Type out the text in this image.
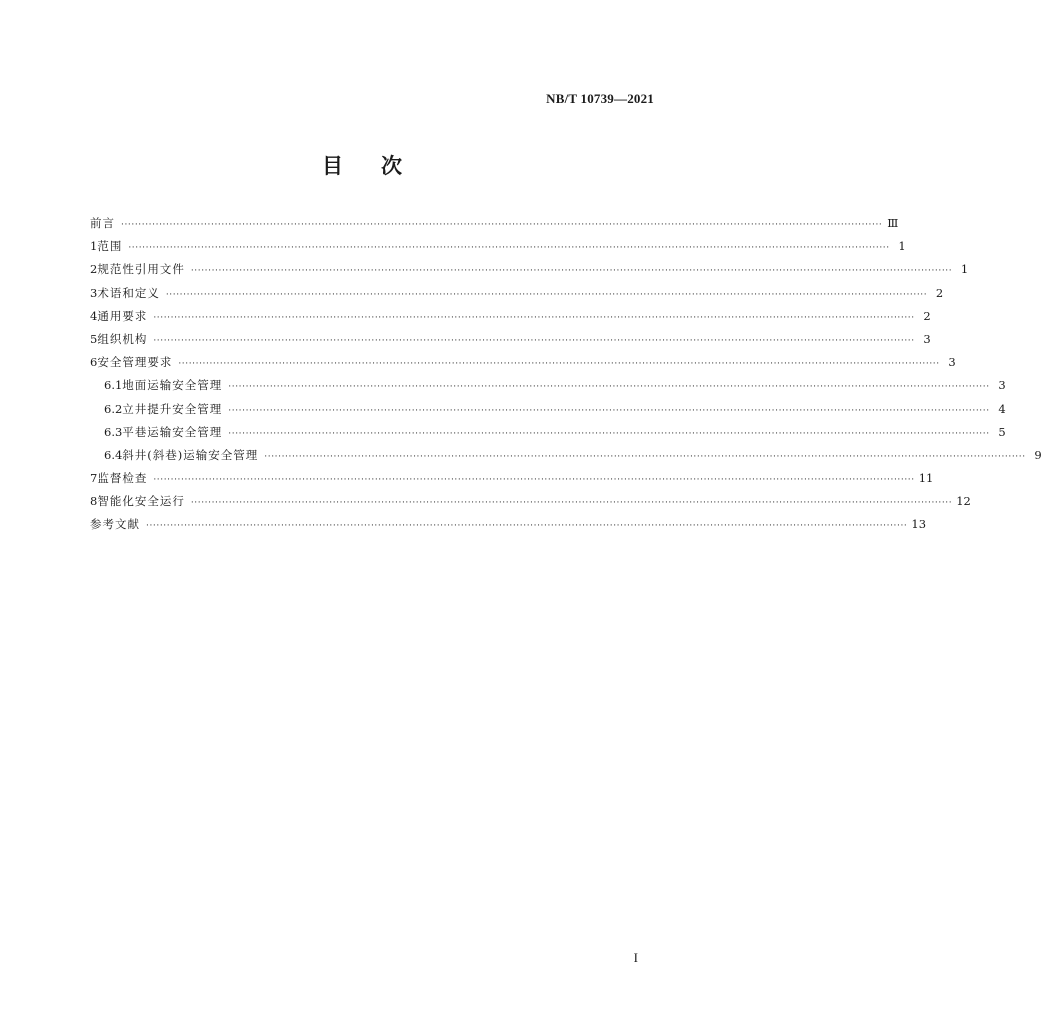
NB/T 10739—2021
目次
前言 ···························································································································································································································· Ⅲ
1 范围 ···························································································································································································································· 1
2 规范性引用文件 ···························································································································································································································· 1
3 术语和定义 ···························································································································································································································· 2
4 通用要求 ···························································································································································································································· 2
5 组织机构 ···························································································································································································································· 3
6 安全管理要求 ···························································································································································································································· 3
6.1 地面运输安全管理 ···························································································································································································································· 3
6.2 立井提升安全管理 ···························································································································································································································· 4
6.3 平巷运输安全管理 ···························································································································································································································· 5
6.4 斜井(斜巷)运输安全管理 ···························································································································································································································· 9
7 监督检查 ···························································································································································································································· 11
8 智能化安全运行 ···························································································································································································································· 12
参考文献 ···························································································································································································································· 13
I
